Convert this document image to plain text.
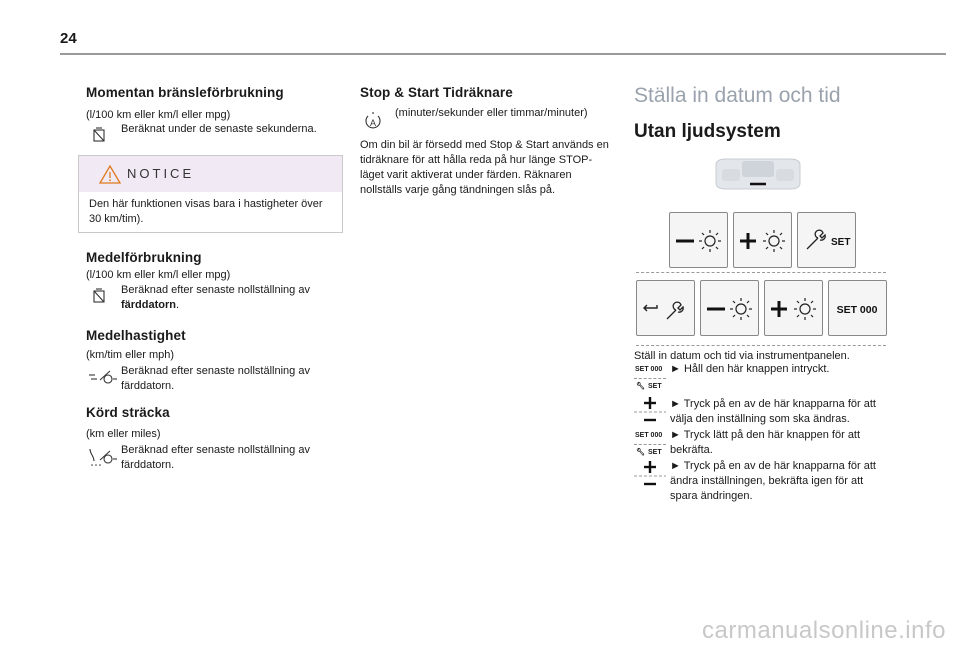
24
Momentan bränsleförbrukning
(l/100 km eller km/l eller mpg)
Beräknat under de senaste sekunderna.
NOTICE
Den här funktionen visas bara i hastigheter över 30 km/tim).
Medelförbrukning
(l/100 km eller km/l eller mpg)
Beräknad efter senaste nollställning av färddatorn.
Medelhastighet
(km/tim eller mph)
Beräknad efter senaste nollställning av färddatorn.
Körd sträcka
(km eller miles)
Beräknad efter senaste nollställning av färddatorn.
Stop & Start Tidräknare
A
(minuter/sekunder eller timmar/minuter)
Om din bil är försedd med Stop & Start används en tidräknare för att hålla reda på hur länge STOP-läget varit aktiverat under färden. Räknaren nollställs varje gång tändningen slås på.
Ställa in datum och tid
Utan ljudsystem
SET
SET 000
Ställ in datum och tid via instrumentpanelen.
SET 000
🔧︎ SET
► Håll den här knappen intryckt.
► Tryck på en av de här knapparna för att välja den inställning som ska ändras.
SET 000
🔧︎ SET
► Tryck lätt på den här knappen för att bekräfta.
► Tryck på en av de här knapparna för att ändra inställningen, bekräfta igen för att spara ändringen.
carmanualsonline.info
